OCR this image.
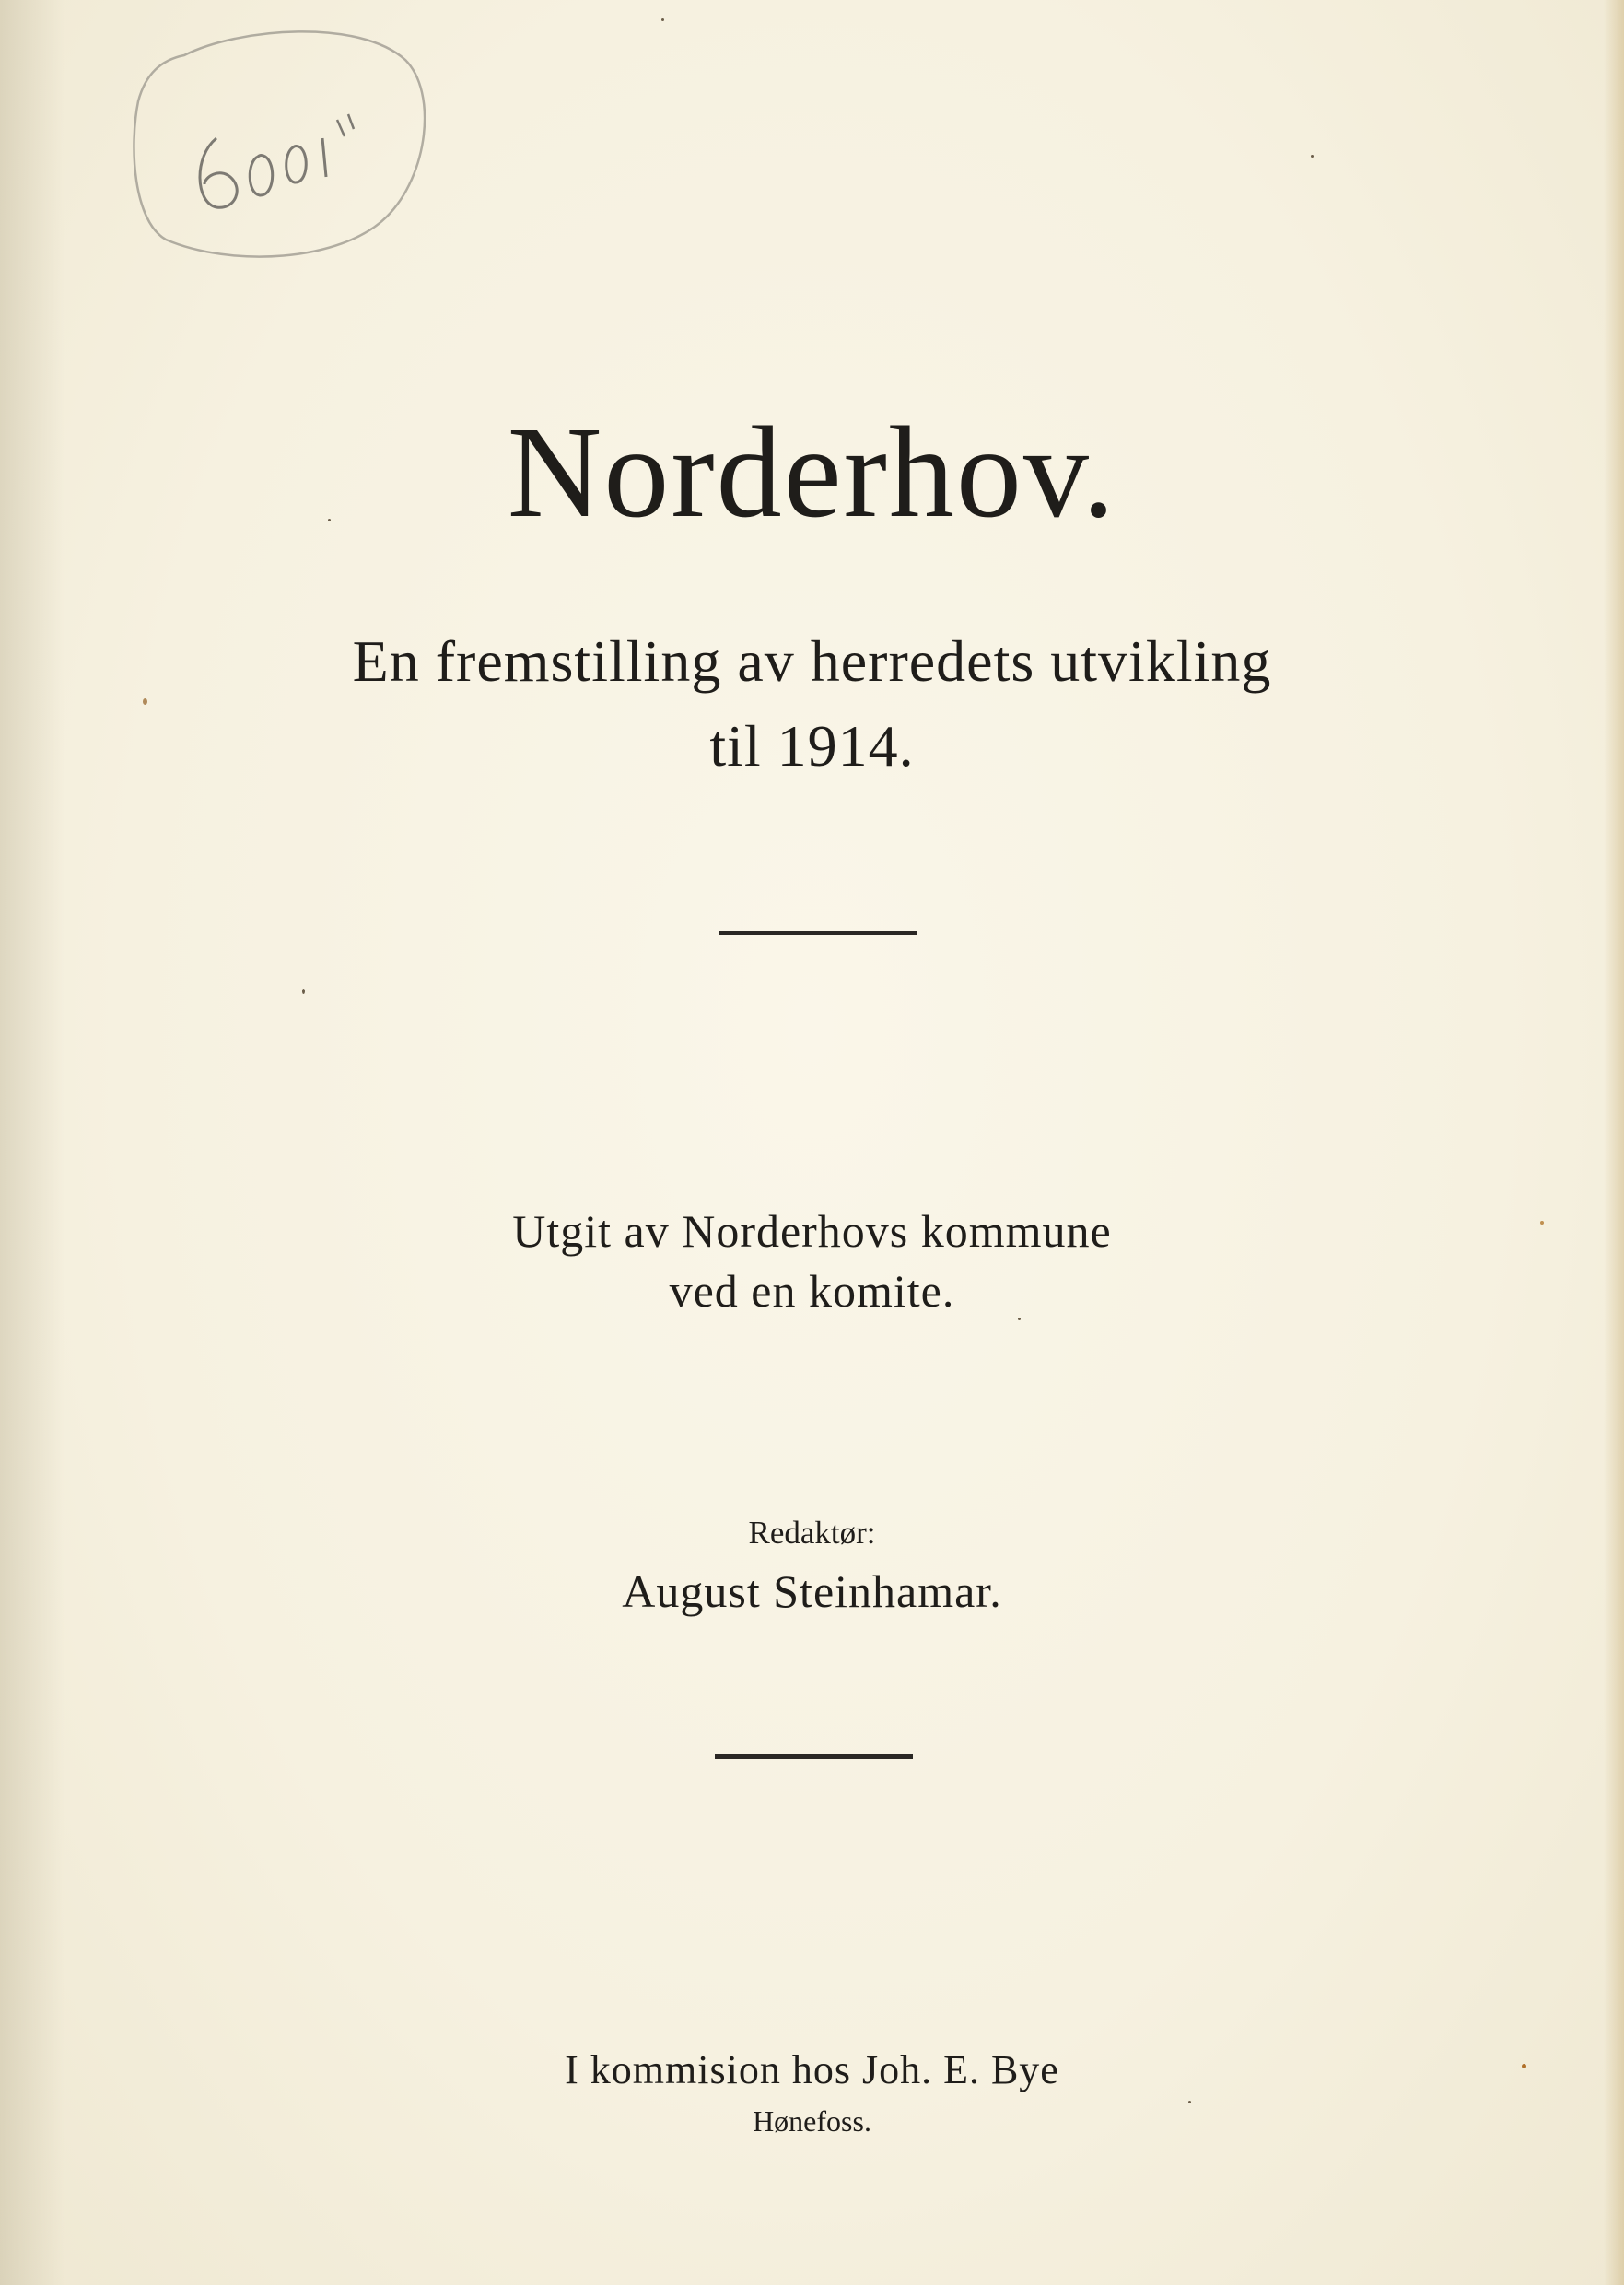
Norderhov.
En fremstilling av herredets utvikling
til 1914.
Utgit av Norderhovs kommune
ved en komite.
Redaktør:
August Steinhamar.
I kommision hos Joh. E. Bye
Hønefoss.
